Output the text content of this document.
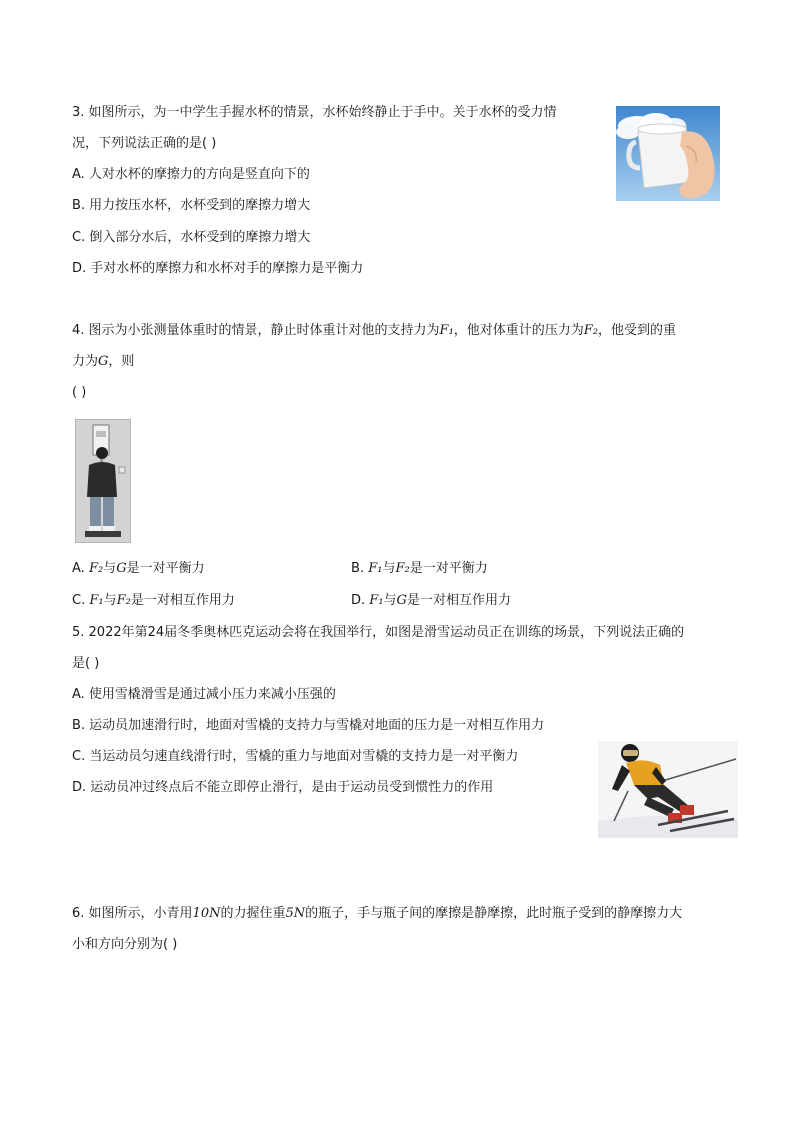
3. 如图所示，为一中学生手握水杯的情景，水杯始终静止于手中。关于水杯的受力情
况，下列说法正确的是( )
A. 人对水杯的摩擦力的方向是竖直向下的
B. 用力按压水杯，水杯受到的摩擦力增大
C. 倒入部分水后，水杯受到的摩擦力增大
D. 手对水杯的摩擦力和水杯对手的摩擦力是平衡力
4. 图示为小张测量体重时的情景，静止时体重计对他的支持力为F₁，他对体重计的压力为F₂，他受到的重
力为G，则
( )
A. F₂与G是一对平衡力	B. F₁与F₂是一对平衡力
C. F₁与F₂是一对相互作用力	D. F₁与G是一对相互作用力
5. 2022年第24届冬季奥林匹克运动会将在我国举行，如图是滑雪运动员正在训练的场景，下列说法正确的
是( )
A. 使用雪橇滑雪是通过减小压力来减小压强的
B. 运动员加速滑行时，地面对雪橇的支持力与雪橇对地面的压力是一对相互作用力
C. 当运动员匀速直线滑行时，雪橇的重力与地面对雪橇的支持力是一对平衡力
D. 运动员冲过终点后不能立即停止滑行，是由于运动员受到惯性力的作用
6. 如图所示，小青用10N的力握住重5N的瓶子，手与瓶子间的摩擦是静摩擦，此时瓶子受到的静摩擦力大
小和方向分别为( )
